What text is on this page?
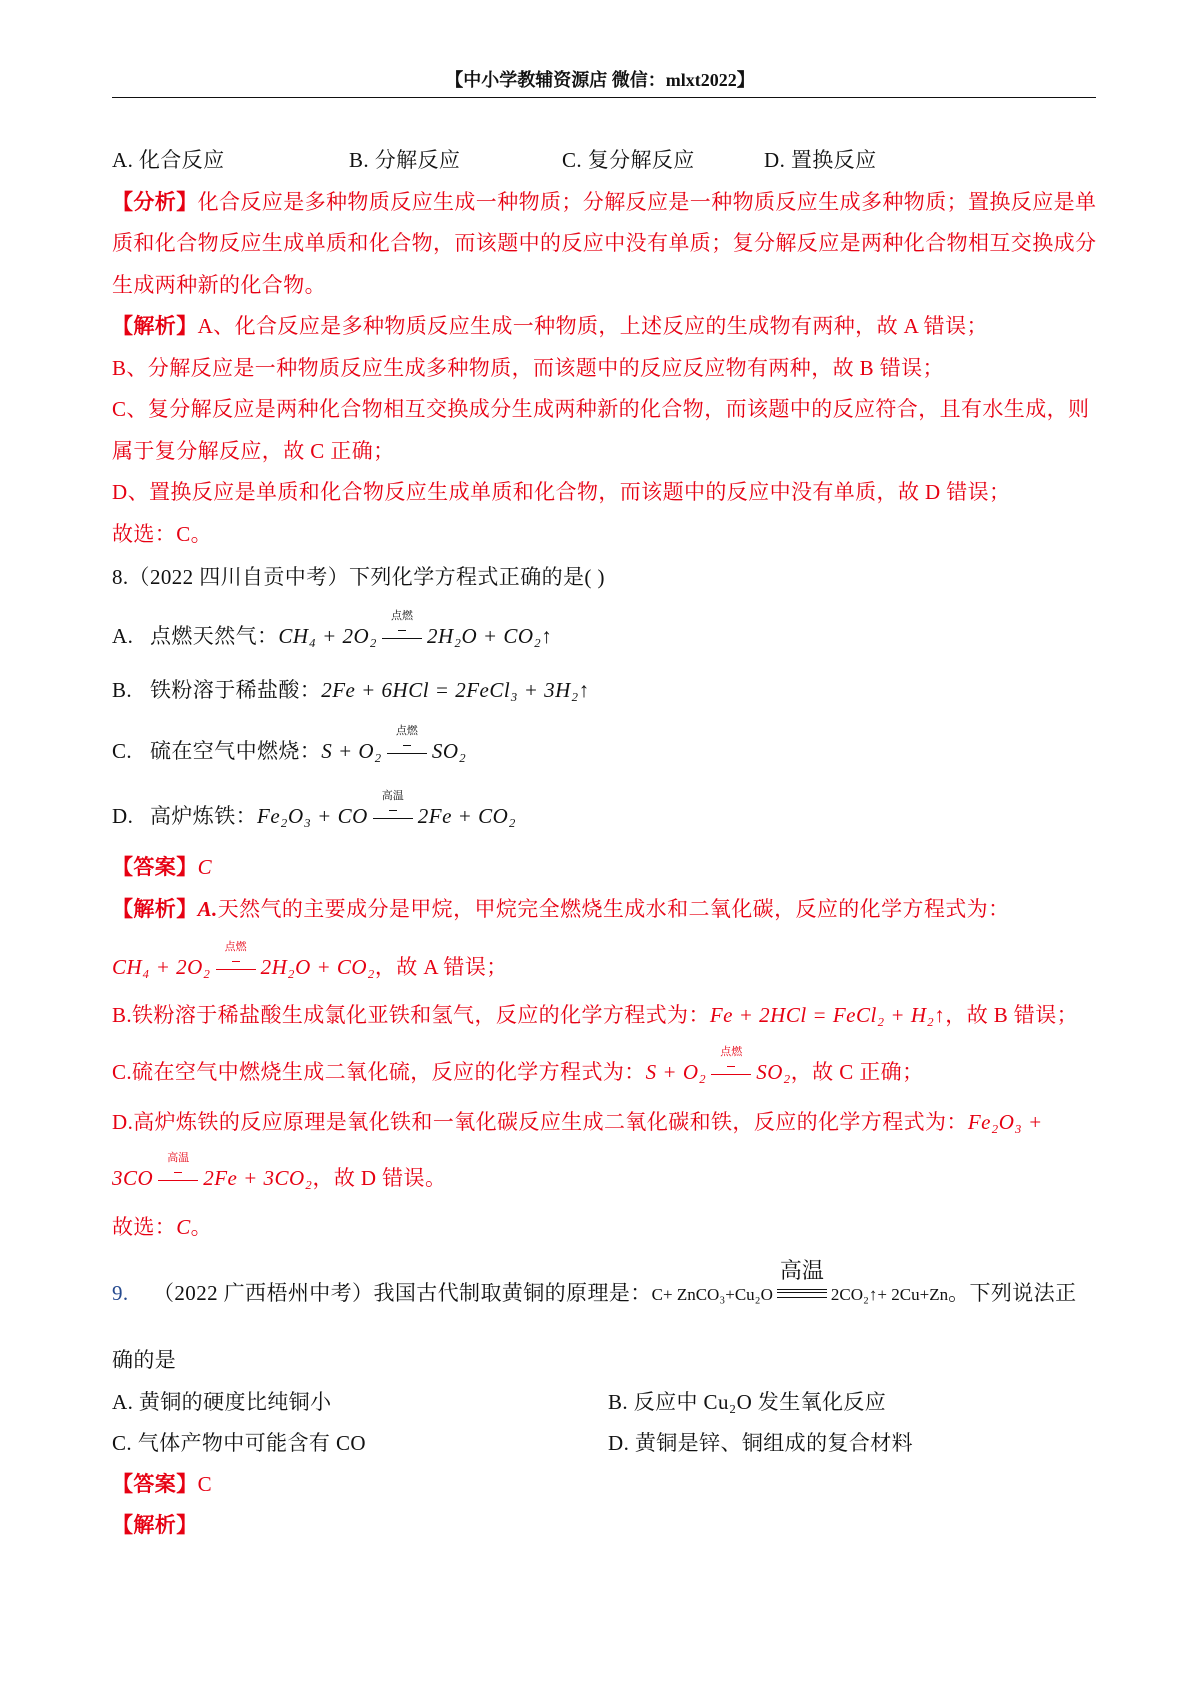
【中小学教辅资源店 微信：mlxt2022】
A. 化合反应	B. 分解反应	C. 复分解反应	D. 置换反应
【分析】化合反应是多种物质反应生成一种物质；分解反应是一种物质反应生成多种物质；置换反应是单
质和化合物反应生成单质和化合物，而该题中的反应中没有单质；复分解反应是两种化合物相互交换成分
生成两种新的化合物。
【解析】A、化合反应是多种物质反应生成一种物质，上述反应的生成物有两种，故 A 错误；
B、分解反应是一种物质反应生成多种物质，而该题中的反应反应物有两种，故 B 错误；
C、复分解反应是两种化合物相互交换成分生成两种新的化合物，而该题中的反应符合，且有水生成，则
属于复分解反应，故 C 正确；
D、置换反应是单质和化合物反应生成单质和化合物，而该题中的反应中没有单质，故 D 错误；
故选：C。
8.（2022 四川自贡中考）下列化学方程式正确的是( )
A. 点燃天然气：CH₄ + 2O₂
点燃
2H₂O + CO₂↑
B. 铁粉溶于稀盐酸：2Fe + 6HCl = 2FeCl₃ + 3H₂↑
C. 硫在空气中燃烧：S + O₂
点燃
SO₂
D. 高炉炼铁：Fe₂O₃ + CO
高温
2Fe + CO₂
【答案】C
【解析】A.天然气的主要成分是甲烷，甲烷完全燃烧生成水和二氧化碳，反应的化学方程式为：
CH₄ + 2O₂
点燃
2H₂O + CO₂，故 A 错误；
B.铁粉溶于稀盐酸生成氯化亚铁和氢气，反应的化学方程式为：Fe + 2HCl = FeCl₂ + H₂↑，故 B 错误；
C.硫在空气中燃烧生成二氧化硫，反应的化学方程式为：S + O₂
点燃
SO₂，故 C 正确；
D.高炉炼铁的反应原理是氧化铁和一氧化碳反应生成二氧化碳和铁，反应的化学方程式为：Fe₂O₃ +
3CO
高温
2Fe + 3CO₂，故 D 错误。
故选：C。
9. （2022 广西梧州中考）我国古代制取黄铜的原理是：C+ ZnCO₃+Cu₂O
高温
2CO₂↑+ 2Cu+Zn。下列说法正
确的是
A. 黄铜的硬度比纯铜小	B. 反应中 Cu₂O 发生氧化反应
C. 气体产物中可能含有 CO	D. 黄铜是锌、铜组成的复合材料
【答案】C
【解析】
